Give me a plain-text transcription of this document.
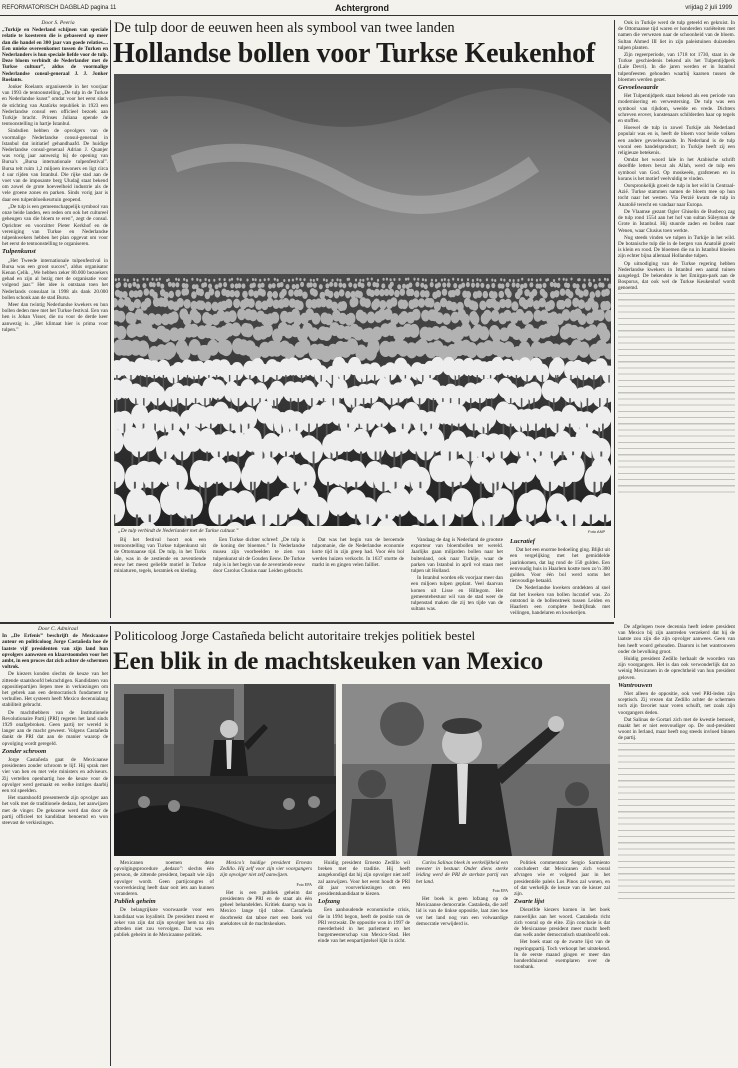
REFORMATORISCH DAGBLAD pagina 11	Achtergrond	vrijdag 2 juli 1999

Door S. Peeria

„Turkije en Nederland schijnen van speciale relatie te koesteren die is gebaseerd op meer dan die handel en 300 jaar van goede relaties.... Een unieke overeenkomst tussen de Turken en Nederlanders is hun speciale liefde voor de tulp. Deze bloem verbindt de Nederlander met de Turkse cultuur”, aldus de voormalige Nederlandse consul-generaal J. J. Jonker Roelants.

Jonker Roelants organiseerde in het voorjaar van 1993 de tentoonstelling „De tulp in de Turkse en Nederlandse kunst” omdat voor het eerst sinds de stichting van Atatürks republiek in 1923 een Nederlandse consul een officieel bezoek aan Turkije bracht. Prinses Juliana opende de tentoonstelling in hartje Istanbul.

Sindsdien hebben de opvolgers van de voormalige Nederlandse consul-generaal in Istanbul dat initiatief gehandhaafd. De huidige Nederlandse consul-generaal Adrian J. Quanjer was vorig jaar aanwezig bij de opening van Bursa’s „Bursa internationale tulpenfestival”. Bursa telt ruim 1,2 miljoen inwoners en ligt circa 4 uur rijden van Istanbul. Die rijke stad aan de voet van de imposante berg Uludağ staat bekend om zowel de grote hoeveelheid industrie als de vele groene zones en parken. Sinds vorig jaar is daar een tulpenbloeikeurtuin geopend.

„De tulp is een gemeenschappelijk symbool van onze beide landen, een reden om ook het cultureel geheugen van die bloem te eren”, zegt de consul. Oprichter en voorzitter Pieter Kerkhof en de vereniging van Turkse en Nederlandse tulpenkwekers hebben het plan opgevat om voor het eerst de tentoonstelling te organiseren.

Tulpenkunst

„Het Tweede internationale tulpenfestival in Bursa was een groot succes”, aldus organisator Kenan Çelik. „We hebben zeker 80.000 bezoekers gehad en zijn al bezig met de organisatie voor volgend jaar.” Het idee is ontstaan toen het Nederlands consulaat in 1998 als dank 20.000 bollen schonk aan de stad Bursa.

Meer dan twintig Nederlandse kwekers en hun bollen deden mee met het Turkse festival. Een van hen is Johan Visser, die nu voor de derde keer aanwezig is. „Het klimaat hier is prima voor tulpen.”

De tulp door de eeuwen heen als symbool van twee landen
Hollandse bollen voor Turkse Keukenhof
„De tulp verbindt de Nederlander met de Turkse cultuur.”	Foto ANP

Bij het festival hoort ook een tentoonstelling van Turkse tulpenkunst uit de Ottomaanse tijd. De tulp, in het Turks lale, was in de zestiende en zeventiende eeuw het meest geliefde motief in Turkse miniaturen, tegels, keramiek en kleding.

Een Turkse dichter schreef: „De tulp is de koning der bloemen.” In Nederlandse musea zijn voorbeelden te zien van tulpenkunst uit de Gouden Eeuw. De Turkse tulp is in het begin van de zeventiende eeuw door Carolus Clusius naar Leiden gebracht.

Dat was het begin van de beroemde tulpomanie, die de Nederlandse economie korte tijd in zijn greep had. Voor één bol werden huizen verkocht. In 1637 stortte de markt in en gingen velen failliet.

Vandaag de dag is Nederland de grootste exporteur van bloembollen ter wereld. Jaarlijks gaan miljarden bollen naar het buitenland, ook naar Turkije, waar de parken van Istanbul in april vol staan met tulpen uit Holland.

In Istanbul worden elk voorjaar meer dan een miljoen tulpen geplant. Veel daarvan komen uit Lisse en Hillegom. Het gemeentebestuur wil van de stad weer de tulpenstad maken die zij ten tijde van de sultans was.

Lucratief

Dat het een enorme bedoeling ging. Blijkt uit een vergelijking met het gemiddelde jaarinkomen, dat lag rond de 150 gulden. Een eenvoudig huis in Haarlem kostte toen zo’n 300 gulden. Voor één bol werd soms het tienvoudige betaald.

De Nederlandse kwekers ontdekten al snel dat het kweken van bollen lucratief was. Zo ontstond in de bollenstreek tussen Leiden en Haarlem een complete bedrijfstak met veilingen, handelaren en kwekerijen.

Ook in Turkije werd de tulp geteeld en gekruist. In de Ottomaanse tijd waren er honderden variëteiten met namen die verwezen naar de schoonheid van de bloem. Sultan Ahmed III liet in zijn paleistuinen duizenden tulpen planten.

Zijn regeerperiode, van 1718 tot 1730, staat in de Turkse geschiedenis bekend als het Tulpentijdperk (Lale Devri). In die jaren werden er in Istanbul tulpenfeesten gehouden waarbij kaarsen tussen de bloemen werden gezet.

Gevoelswaarde

Het Tulpentijdperk staat bekend als een periode van modernisering en verwestersing. De tulp was een symbool van rijkdom, weelde en vrede. Dichters schreven erover, kunstenaars schilderden haar op tegels en stoffen.

Hoewel de tulp in zowel Turkije als Nederland populair was en is, heeft de bloem voor beide volken een andere gevoelswaarde. In Nederland is de tulp vooral een handelsproduct; in Turkije heeft zij een religieuze betekenis.

Omdat het woord lale in het Arabische schrift dezelfde letters bevat als Allah, werd de tulp een symbool van God. Op moskeeën, grafstenen en in korans is het motief veelvuldig te vinden.

Oorspronkelijk groeit de tulp in het wild in Centraal-Azië. Turkse stammen namen de bloem mee op hun tocht naar het westen. Via Perzië kwam de tulp in Anatolië terecht en vandaar naar Europa.

De Vlaamse gezant Ogier Ghiselin de Busbecq zag de tulp rond 1554 aan het hof van sultan Süleyman de Grote in Istanbul. Hij stuurde zaden en bollen naar Wenen, waar Clusius toen werkte.

Nog steeds vinden we tulpen in Turkije in het wild. De botanische tulp die in de bergen van Anatolië groeit is klein en rood. De bloemen die nu in Istanbul bloeien zijn echter bijna allemaal Hollandse tulpen.

Op uitnodiging van de Turkse regering hebben Nederlandse kwekers in Istanbul een aantal tuinen aangelegd. De bekendste is het Emirgan-park aan de Bosporus, dat ook wel de Turkse Keukenhof wordt genoemd.

Door C. Admiraal

In „De Erfenis” beschrijft de Mexicaanse auteur en politicoloog Jorge Castañeda hoe de laatste vijf presidenten van zijn land hun opvolgers aanwezen en klaarstoomden voor het ambt, in een proces dat zich achter de schermen voltrok.

De kiezers konden slechts de keuze van het zittende staatshoofd bekrachtigen. Kandidaten van oppositiepartijen liepen mee in verkiezingen om het gebrek aan een democratisch fundament te verhullen. Het systeem heeft Mexico decennialang stabiliteit gebracht.

De machthebbers van de Institutionele Revolutionaire Partij (PRI) regeren het land sinds 1929 onafgebroken. Geen partij ter wereld is langer aan de macht geweest. Volgens Castañeda dankt de PRI dat aan de manier waarop de opvolging wordt geregeld.

Zonder schroom

Jorge Castañeda gaat de Mexicaanse presidenten zonder schroom te lijf. Hij sprak met vier van hen en met vele ministers en adviseurs. Zij vertellen openhartig hoe de keuze voor de opvolger werd gemaakt en welke intriges daarbij een rol speelden.

Het staatshoofd presenteerde zijn opvolger aan het volk met de traditionele dedazo, het aanwijzen met de vinger. De gekozene werd dan door de partij officieel tot kandidaat benoemd en won steevast de verkiezingen.

Politicoloog Jorge Castañeda belicht autoritaire trekjes politiek bestel
Een blik in de machtskeuken van Mexico

Mexicanen noemen deze opvolgingsprocedure „dedazo”: slechts één persoon, de zittende president, bepaalt wie zijn opvolger wordt. Geen partijcongres of voorverkiezing heeft daar ooit iets aan kunnen veranderen.

Publiek geheim

De belangrijkste voorwaarde voor een kandidaat was loyaliteit. De president moest er zeker van zijn dat zijn opvolger hem na zijn aftreden niet zou vervolgen. Dat was een publiek geheim in de Mexicaanse politiek.

Mexico’s huidige president Ernesto Zedillo. Hij zelf voor zijn vier voorgangers zijn opvolger niet zelf aanwijzen.

Foto EPA

Het is een publiek geheim dat presidenten de PRI en de staat als één geheel behandelden. Kritiek daarop was in Mexico lange tijd taboe. Castañeda doorbreekt dat taboe met een boek vol anekdotes uit de machtskeuken.

Huidig president Ernesto Zedillo wil breken met de traditie. Hij heeft aangekondigd dat hij zijn opvolger niet zelf zal aanwijzen. Voor het eerst houdt de PRI dit jaar voorverkiezingen om een presidentskandidaat te kiezen.

Lofzang

Een aanhoudende economische crisis, die in 1994 begon, heeft de positie van de PRI verzwakt. De oppositie won in 1997 de meerderheid in het parlement en het burgemeesterschap van Mexico-Stad. Het einde van het eenpartijstelsel lijkt in zicht.

Carlos Salinas bleek in werkelijkheid een meester in bestuur. Onder diens sterke leiding werd de PRI de sterkste partij van het land.

Foto EPA

Het boek is geen lofzang op de Mexicaanse democratie. Castañeda, die zelf lid is van de linkse oppositie, laat zien hoe ver het land nog van een volwaardige democratie verwijderd is.

Politiek commentator Sergio Sarmiento concludeert dat Mexicanen zich vooral afvragen wie er volgend jaar in het presidentiële paleis Los Pinos zal wonen, en of dat werkelijk de keuze van de kiezer zal zijn.

Zwarte lijst

Diezelfde kiezers komen in het boek nauwelijks aan het woord. Castañeda richt zich vooral op de elite. Zijn conclusie is dat de Mexicaanse president meer macht heeft dan welk ander democratisch staatshoofd ook.

Het boek staat op de zwarte lijst van de regeringspartij. Toch verkoopt het uitstekend. In de eerste maand gingen er meer dan honderdduizend exemplaren over de toonbank.

De afgelopen twee decennia heeft iedere president van Mexico bij zijn aantreden verzekerd dat hij de laatste zou zijn die zijn opvolger aanwees. Geen van hen heeft woord gehouden. Daarom is het wantrouwen onder de bevolking groot.

Huidig president Zedillo herhaalt de woorden van zijn voorgangers. Het is dan ook verwonderlijk dat zo weinig Mexicanen in de oprechtheid van hun president geloven.

Wantrouwen

Niet alleen de oppositie, ook veel PRI-leden zijn sceptisch. Zij vrezen dat Zedillo achter de schermen toch zijn favoriet naar voren schuift, net zoals zijn voorgangers deden.

Dat Salinas de Gortari zich met de kwestie bemoeit, maakt het er niet eenvoudiger op. De oud-president woont in Ierland, maar heeft nog steeds invloed binnen de partij.
